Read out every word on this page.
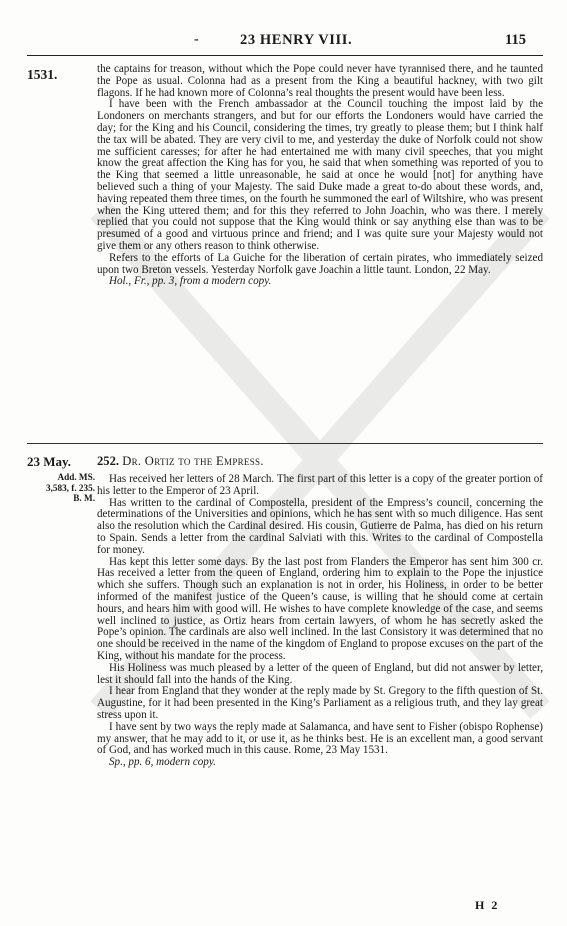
-	23 HENRY VIII.	115
1531.	the captains for treason, without which the Pope could never have tyrannised there, and he taunted the Pope as usual. Colonna had as a present from the King a beautiful hackney, with two gilt flagons. If he had known more of Colonna’s real thoughts the present would have been less.

I have been with the French ambassador at the Council touching the impost laid by the Londoners on merchants strangers, and but for our efforts the Londoners would have carried the day; for the King and his Council, considering the times, try greatly to please them; but I think half the tax will be abated. They are very civil to me, and yesterday the duke of Norfolk could not show me sufficient caresses; for after he had entertained me with many civil speeches, that you might know the great affection the King has for you, he said that when something was reported of you to the King that seemed a little unreasonable, he said at once he would [not] for anything have believed such a thing of your Majesty. The said Duke made a great to-do about these words, and, having repeated them three times, on the fourth he summoned the earl of Wiltshire, who was present when the King uttered them; and for this they referred to John Joachin, who was there. I merely replied that you could not suppose that the King would think or say anything else than was to be presumed of a good and virtuous prince and friend; and I was quite sure your Majesty would not give them or any others reason to think otherwise.

Refers to the efforts of La Guiche for the liberation of certain pirates, who immediately seized upon two Breton vessels. Yesterday Norfolk gave Joachin a little taunt. London, 22 May.

Hol., Fr., pp. 3, from a modern copy.

23 May.
Add. MS.
3,583, f. 235.
B. M.
252. Dr. Ortiz to the Empress.

Has received her letters of 28 March. The first part of this letter is a copy of the greater portion of his letter to the Emperor of 23 April.

Has written to the cardinal of Compostella, president of the Empress’s council, concerning the determinations of the Universities and opinions, which he has sent with so much diligence. Has sent also the resolution which the Cardinal desired. His cousin, Gutierre de Palma, has died on his return to Spain. Sends a letter from the cardinal Salviati with this. Writes to the cardinal of Compostella for money.

Has kept this letter some days. By the last post from Flanders the Emperor has sent him 300 cr. Has received a letter from the queen of England, ordering him to explain to the Pope the injustice which she suffers. Though such an explanation is not in order, his Holiness, in order to be better informed of the manifest justice of the Queen’s cause, is willing that he should come at certain hours, and hears him with good will. He wishes to have complete knowledge of the case, and seems well inclined to justice, as Ortiz hears from certain lawyers, of whom he has secretly asked the Pope’s opinion. The cardinals are also well inclined. In the last Consistory it was determined that no one should be received in the name of the kingdom of England to propose excuses on the part of the King, without his mandate for the process.

His Holiness was much pleased by a letter of the queen of England, but did not answer by letter, lest it should fall into the hands of the King.

I hear from England that they wonder at the reply made by St. Gregory to the fifth question of St. Augustine, for it had been presented in the King’s Parliament as a religious truth, and they lay great stress upon it.

I have sent by two ways the reply made at Salamanca, and have sent to Fisher (obispo Rophense) my answer, that he may add to it, or use it, as he thinks best. He is an excellent man, a good servant of God, and has worked much in this cause. Rome, 23 May 1531.

Sp., pp. 6, modern copy.

H 2
